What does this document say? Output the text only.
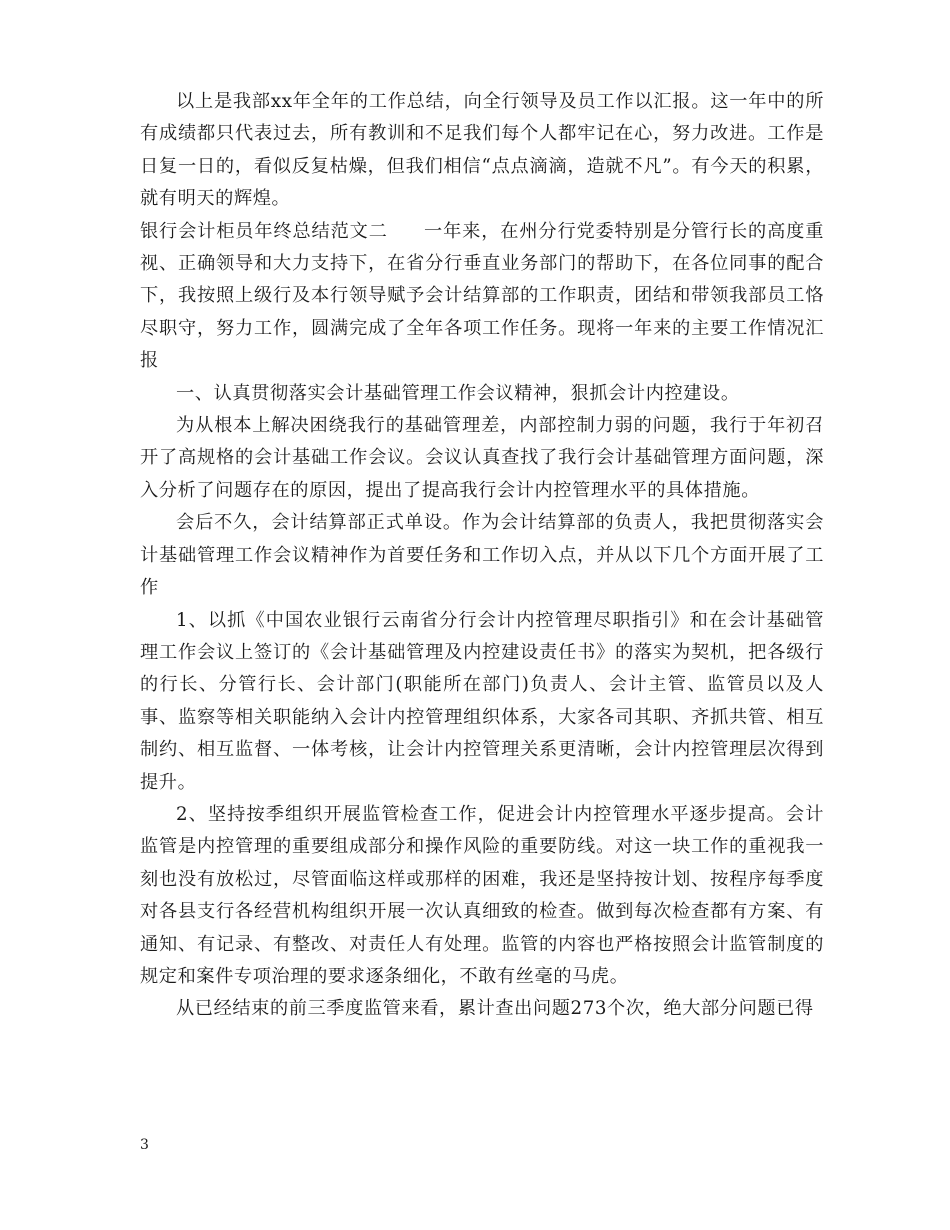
以上是我部xx年全年的工作总结，向全行领导及员工作以汇报。这一年中的所有成绩都只代表过去，所有教训和不足我们每个人都牢记在心，努力改进。工作是日复一日的，看似反复枯燥，但我们相信“点点滴滴，造就不凡”。有今天的积累，就有明天的辉煌。

银行会计柜员年终总结范文二 一年来，在州分行党委特别是分管行长的高度重视、正确领导和大力支持下，在省分行垂直业务部门的帮助下，在各位同事的配合下，我按照上级行及本行领导赋予会计结算部的工作职责，团结和带领我部员工恪尽职守，努力工作，圆满完成了全年各项工作任务。现将一年来的主要工作情况汇报

一、认真贯彻落实会计基础管理工作会议精神，狠抓会计内控建设。

为从根本上解决困绕我行的基础管理差，内部控制力弱的问题，我行于年初召开了高规格的会计基础工作会议。会议认真查找了我行会计基础管理方面问题，深入分析了问题存在的原因，提出了提高我行会计内控管理水平的具体措施。

会后不久，会计结算部正式单设。作为会计结算部的负责人，我把贯彻落实会计基础管理工作会议精神作为首要任务和工作切入点，并从以下几个方面开展了工作

1、以抓《中国农业银行云南省分行会计内控管理尽职指引》和在会计基础管理工作会议上签订的《会计基础管理及内控建设责任书》的落实为契机，把各级行的行长、分管行长、会计部门(职能所在部门)负责人、会计主管、监管员以及人事、监察等相关职能纳入会计内控管理组织体系，大家各司其职、齐抓共管、相互制约、相互监督、一体考核，让会计内控管理关系更清晰，会计内控管理层次得到提升。

2、坚持按季组织开展监管检查工作，促进会计内控管理水平逐步提高。会计监管是内控管理的重要组成部分和操作风险的重要防线。对这一块工作的重视我一刻也没有放松过，尽管面临这样或那样的困难，我还是坚持按计划、按程序每季度对各县支行各经营机构组织开展一次认真细致的检查。做到每次检查都有方案、有通知、有记录、有整改、对责任人有处理。监管的内容也严格按照会计监管制度的规定和案件专项治理的要求逐条细化，不敢有丝毫的马虎。

从已经结束的前三季度监管来看，累计查出问题273个次，绝大部分问题已得

3
